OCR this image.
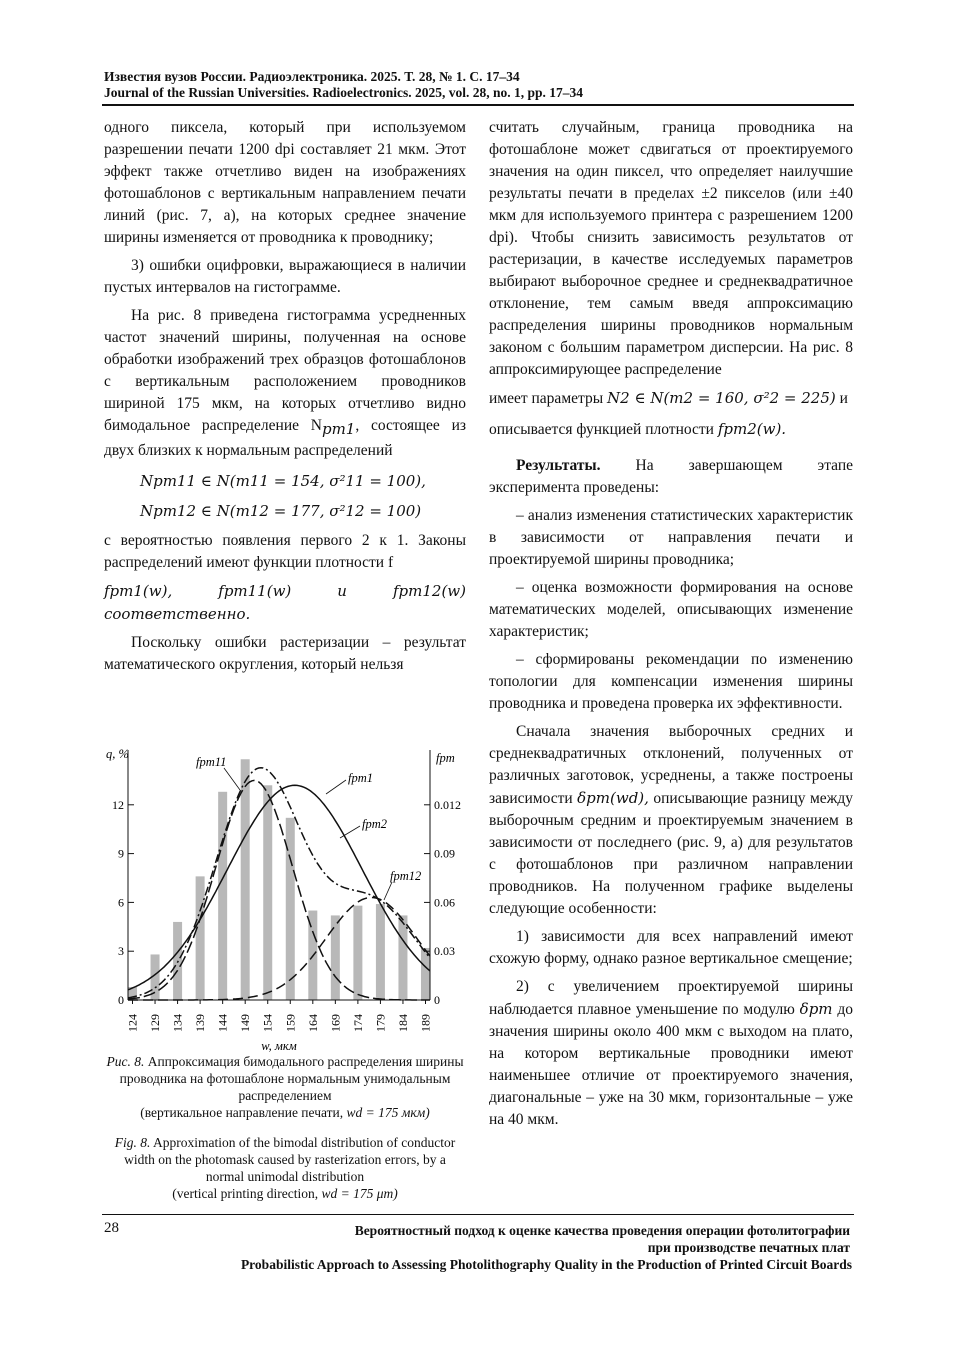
Известия вузов России. Радиоэлектроника. 2025. Т. 28, № 1. С. 17–34
Journal of the Russian Universities. Radioelectronics. 2025, vol. 28, no. 1, pp. 17–34

одного пиксела, который при используемом разрешении печати 1200 dpi составляет 21 мкм. Этот эффект также отчетливо виден на изображениях фотошаблонов с вертикальным направлением печати линий (рис. 7, а), на которых среднее значение ширины изменяется от проводника к проводнику;

3) ошибки оцифровки, выражающиеся в наличии пустых интервалов на гистограмме.

На рис. 8 приведена гистограмма усредненных частот значений ширины, полученная на основе обработки изображений трех образцов фотошаблонов с вертикальным расположением проводников шириной 175 мкм, на которых отчетливо видно бимодальное распределение $N_{pm1}$, состоящее из двух близких к нормальным распределений

Npm11 ∈ N(m11 = 154, σ²11 = 100),
Npm12 ∈ N(m12 = 177, σ²12 = 100)

с вероятностью появления первого 2 к 1. Законы распределений имеют функции плотности f

fpm1(w), fpm11(w) и fpm12(w) соответственно.

Поскольку ошибки растеризации – результат математического округления, который нельзя

0
3
6
9
12
0
0.03
0.06
0.09
0.012
124 129 134 139 144 149 154 159 164 169 174 179 184 189
q, %	fpm
w, мкм
fpm11
fpm1
fpm2
fpm12
Рис. 8. Аппроксимация бимодального распределения ширины проводника на фотошаблоне нормальным унимодальным распределением
(вертикальное направление печати, wd = 175 мкм)
Fig. 8. Approximation of the bimodal distribution of conductor width on the photomask caused by rasterization errors, by a normal unimodal distribution
(vertical printing direction, wd = 175 μm)

считать случайным, граница проводника на фотошаблоне может сдвигаться от проектируемого значения на один пиксел, что определяет наилучшие результаты печати в пределах ±2 пикселов (или ±40 мкм для используемого принтера с разрешением 1200 dpi). Чтобы снизить зависимость результатов от растеризации, в качестве исследуемых параметров выбирают выборочное среднее и среднеквадратичное отклонение, тем самым введя аппроксимацию распределения ширины проводников нормальным законом с большим параметром дисперсии. На рис. 8 аппроксимирующее распределение

имеет параметры N2 ∈ N(m2 = 160, σ²2 = 225) и

описывается функцией плотности fpm2(w).

Результаты. На завершающем этапе эксперимента проведены:

– анализ изменения статистических характеристик в зависимости от направления печати и проектируемой ширины проводника;

– оценка возможности формирования на основе математических моделей, описывающих изменение характеристик;

– сформированы рекомендации по изменению топологии для компенсации изменения ширины проводника и проведена проверка их эффективности.

Сначала значения выборочных средних и среднеквадратичных отклонений, полученных от различных заготовок, усреднены, а также построены зависимости δpm(wd), описывающие разницу между выборочным средним и проектируемым значением в зависимости от последнего (рис. 9, а) для результатов с фотошаблонов при различном направлении проводников. На полученном графике выделены следующие особенности:

1) зависимости для всех направлений имеют схожую форму, однако разное вертикальное смещение;

2) с увеличением проектируемой ширины наблюдается плавное уменьшение по модулю δpm до значения ширины около 400 мкм с выходом на плато, на котором вертикальные проводники имеют наименьшее отличие от проектируемого значения, диагональные – уже на 30 мкм, горизонтальные – уже на 40 мкм.

28	Вероятностный подход к оценке качества проведения операции фотолитографии
при производстве печатных плат
Probabilistic Approach to Assessing Photolithography Quality in the Production of Printed Circuit Boards
